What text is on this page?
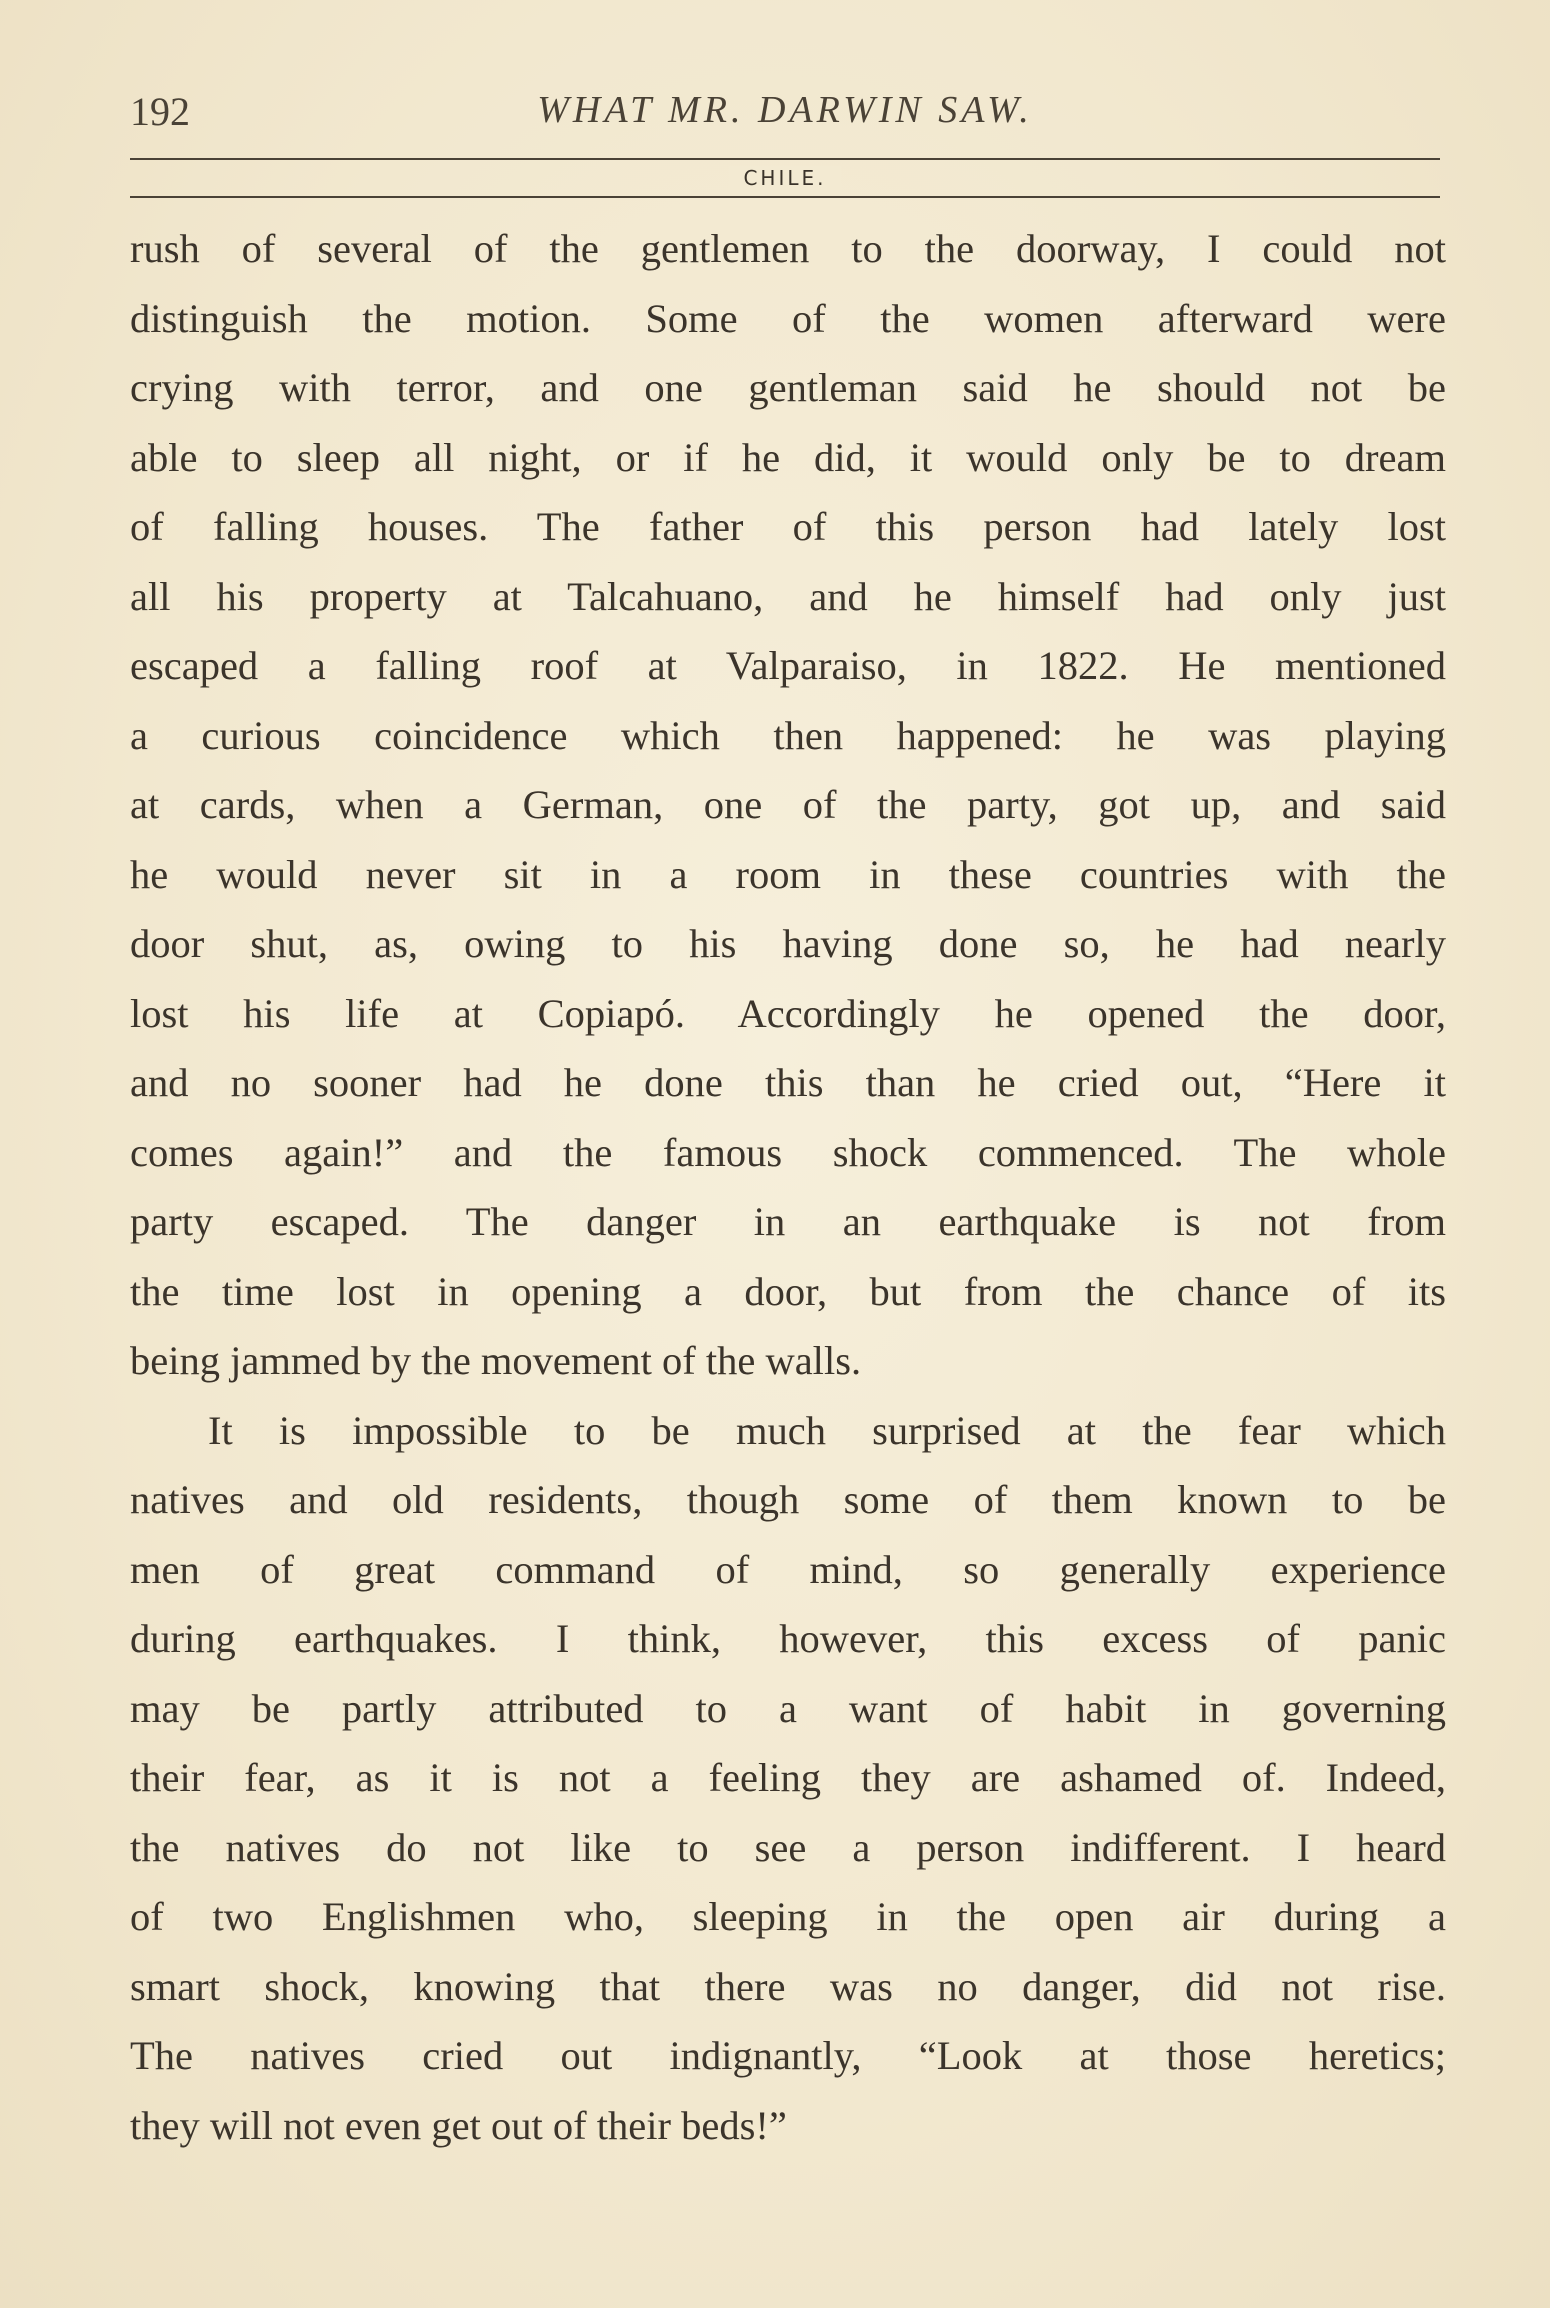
192	WHAT MR. DARWIN SAW.
CHILE.
rush of several of the gentlemen to the doorway, I could not
distinguish the motion. Some of the women afterward were
crying with terror, and one gentleman said he should not be
able to sleep all night, or if he did, it would only be to dream
of falling houses. The father of this person had lately lost
all his property at Talcahuano, and he himself had only just
escaped a falling roof at Valparaiso, in 1822. He mentioned
a curious coincidence which then happened: he was playing
at cards, when a German, one of the party, got up, and said
he would never sit in a room in these countries with the
door shut, as, owing to his having done so, he had nearly
lost his life at Copiapó. Accordingly he opened the door,
and no sooner had he done this than he cried out, “Here it
comes again!” and the famous shock commenced. The whole
party escaped. The danger in an earthquake is not from
the time lost in opening a door, but from the chance of its
being jammed by the movement of the walls.
It is impossible to be much surprised at the fear which
natives and old residents, though some of them known to be
men of great command of mind, so generally experience
during earthquakes. I think, however, this excess of panic
may be partly attributed to a want of habit in governing
their fear, as it is not a feeling they are ashamed of. Indeed,
the natives do not like to see a person indifferent. I heard
of two Englishmen who, sleeping in the open air during a
smart shock, knowing that there was no danger, did not rise.
The natives cried out indignantly, “Look at those heretics;
they will not even get out of their beds!”
